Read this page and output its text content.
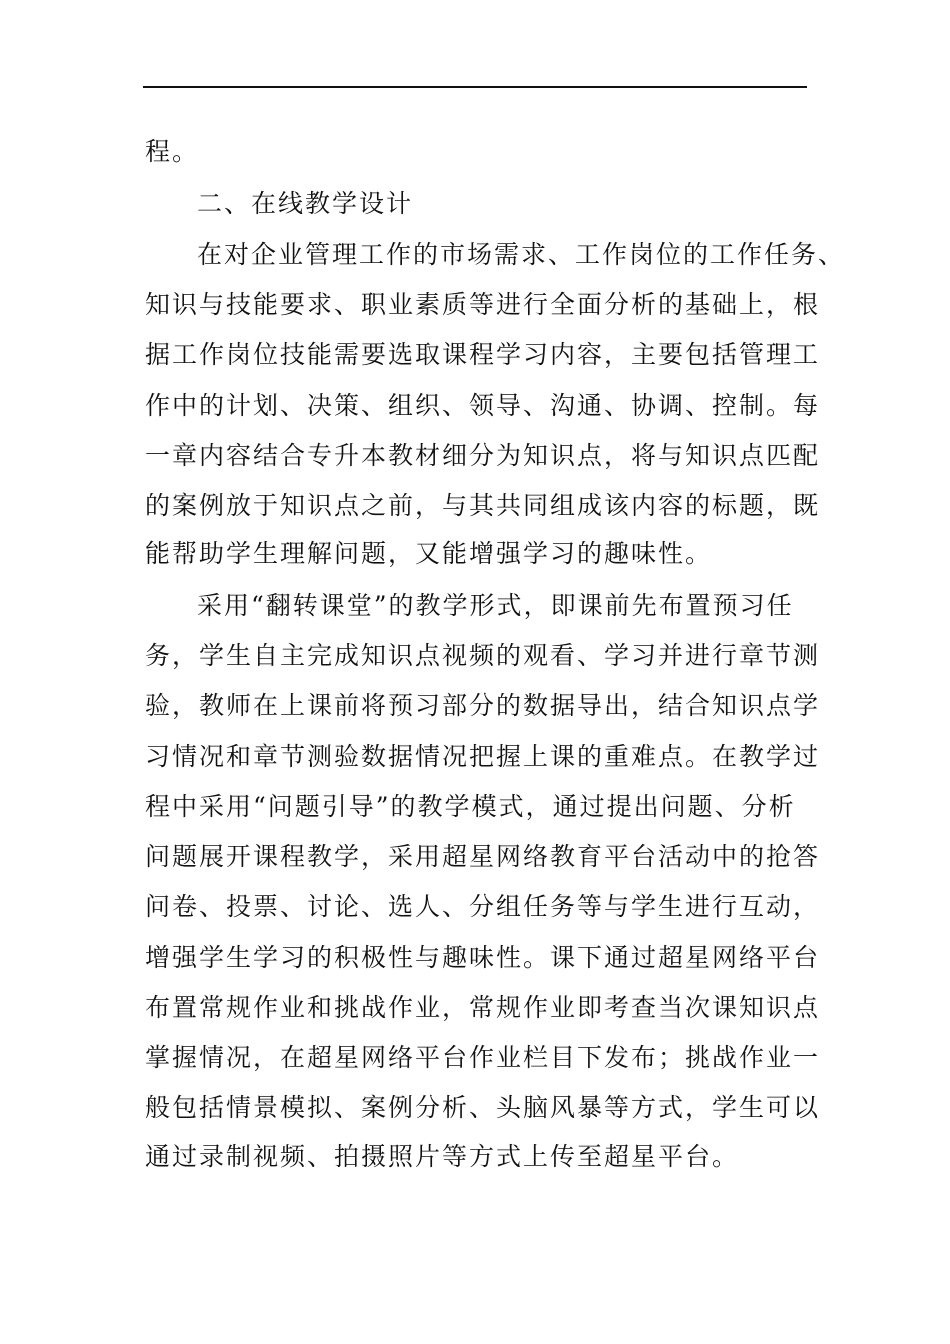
程。
二、在线教学设计
在对企业管理工作的市场需求、工作岗位的工作任务、
知识与技能要求、职业素质等进行全面分析的基础上，根
据工作岗位技能需要选取课程学习内容，主要包括管理工
作中的计划、决策、组织、领导、沟通、协调、控制。每
一章内容结合专升本教材细分为知识点，将与知识点匹配
的案例放于知识点之前，与其共同组成该内容的标题，既
能帮助学生理解问题，又能增强学习的趣味性。
采用“翻转课堂”的教学形式，即课前先布置预习任
务，学生自主完成知识点视频的观看、学习并进行章节测
验，教师在上课前将预习部分的数据导出，结合知识点学
习情况和章节测验数据情况把握上课的重难点。在教学过
程中采用“问题引导”的教学模式，通过提出问题、分析
问题展开课程教学，采用超星网络教育平台活动中的抢答
问卷、投票、讨论、选人、分组任务等与学生进行互动，
增强学生学习的积极性与趣味性。课下通过超星网络平台
布置常规作业和挑战作业，常规作业即考查当次课知识点
掌握情况，在超星网络平台作业栏目下发布；挑战作业一
般包括情景模拟、案例分析、头脑风暴等方式，学生可以
通过录制视频、拍摄照片等方式上传至超星平台。
